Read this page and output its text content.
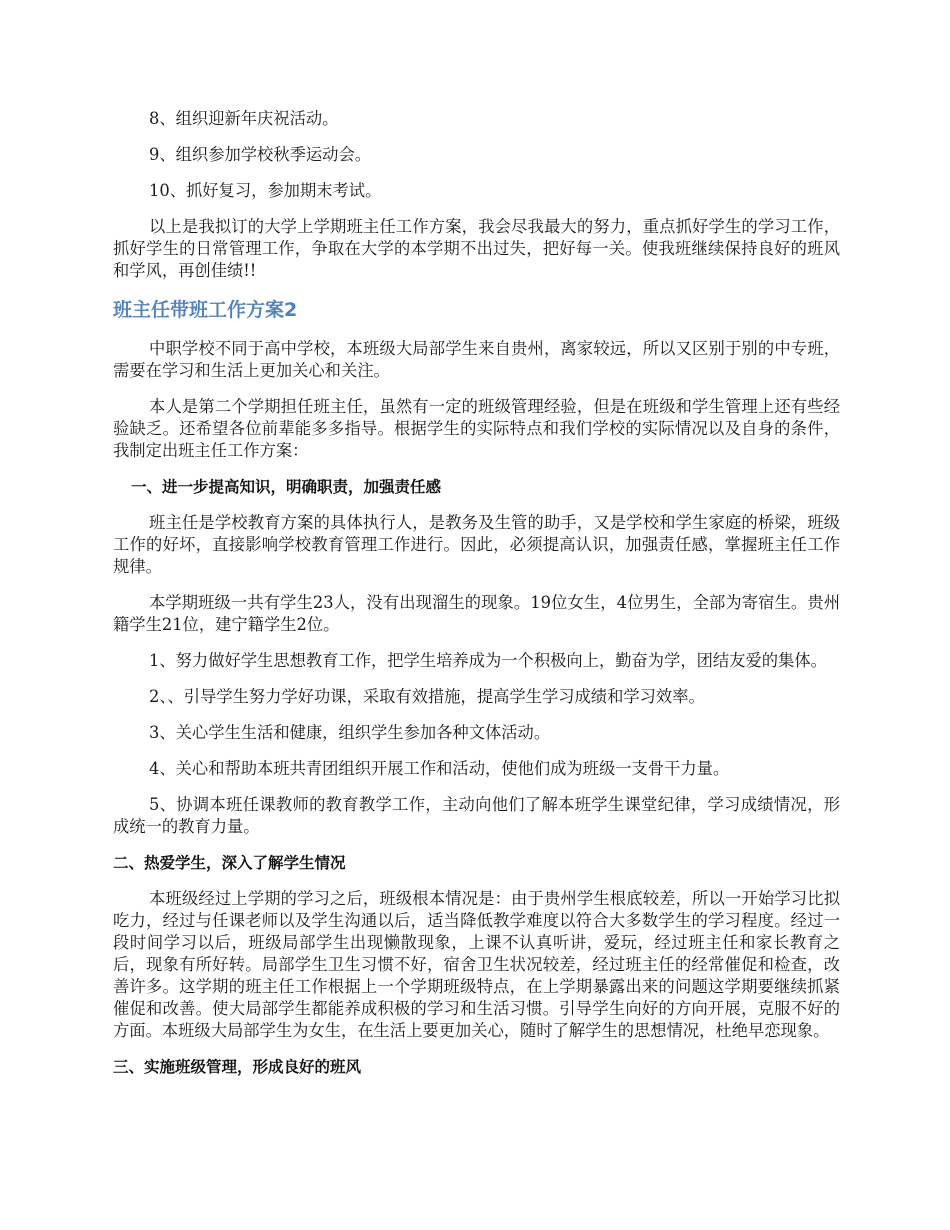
8、组织迎新年庆祝活动。

9、组织参加学校秋季运动会。

10、抓好复习，参加期末考试。

以上是我拟订的大学上学期班主任工作方案，我会尽我最大的努力，重点抓好学生的学习工作，抓好学生的日常管理工作，争取在大学的本学期不出过失，把好每一关。使我班继续保持良好的班风和学风，再创佳绩!!

班主任带班工作方案2

中职学校不同于高中学校，本班级大局部学生来自贵州，离家较远，所以又区别于别的中专班，需要在学习和生活上更加关心和关注。

本人是第二个学期担任班主任，虽然有一定的班级管理经验，但是在班级和学生管理上还有些经验缺乏。还希望各位前辈能多多指导。根据学生的实际特点和我们学校的实际情况以及自身的条件，我制定出班主任工作方案：

一、进一步提高知识，明确职责，加强责任感

班主任是学校教育方案的具体执行人，是教务及生管的助手，又是学校和学生家庭的桥梁，班级工作的好坏，直接影响学校教育管理工作进行。因此，必须提高认识，加强责任感，掌握班主任工作规律。

本学期班级一共有学生23人，没有出现溜生的现象。19位女生，4位男生，全部为寄宿生。贵州籍学生21位，建宁籍学生2位。

1、努力做好学生思想教育工作，把学生培养成为一个积极向上，勤奋为学，团结友爱的集体。

2、、引导学生努力学好功课，采取有效措施，提高学生学习成绩和学习效率。

3、关心学生生活和健康，组织学生参加各种文体活动。

4、关心和帮助本班共青团组织开展工作和活动，使他们成为班级一支骨干力量。

5、协调本班任课教师的教育教学工作，主动向他们了解本班学生课堂纪律，学习成绩情况，形成统一的教育力量。

二、热爱学生，深入了解学生情况

本班级经过上学期的学习之后，班级根本情况是：由于贵州学生根底较差，所以一开始学习比拟吃力，经过与任课老师以及学生沟通以后，适当降低教学难度以符合大多数学生的学习程度。经过一段时间学习以后，班级局部学生出现懒散现象，上课不认真听讲，爱玩，经过班主任和家长教育之后，现象有所好转。局部学生卫生习惯不好，宿舍卫生状况较差，经过班主任的经常催促和检查，改善许多。这学期的班主任工作根据上一个学期班级特点，在上学期暴露出来的问题这学期要继续抓紧催促和改善。使大局部学生都能养成积极的学习和生活习惯。引导学生向好的方向开展，克服不好的方面。本班级大局部学生为女生，在生活上要更加关心，随时了解学生的思想情况，杜绝早恋现象。

三、实施班级管理，形成良好的班风
